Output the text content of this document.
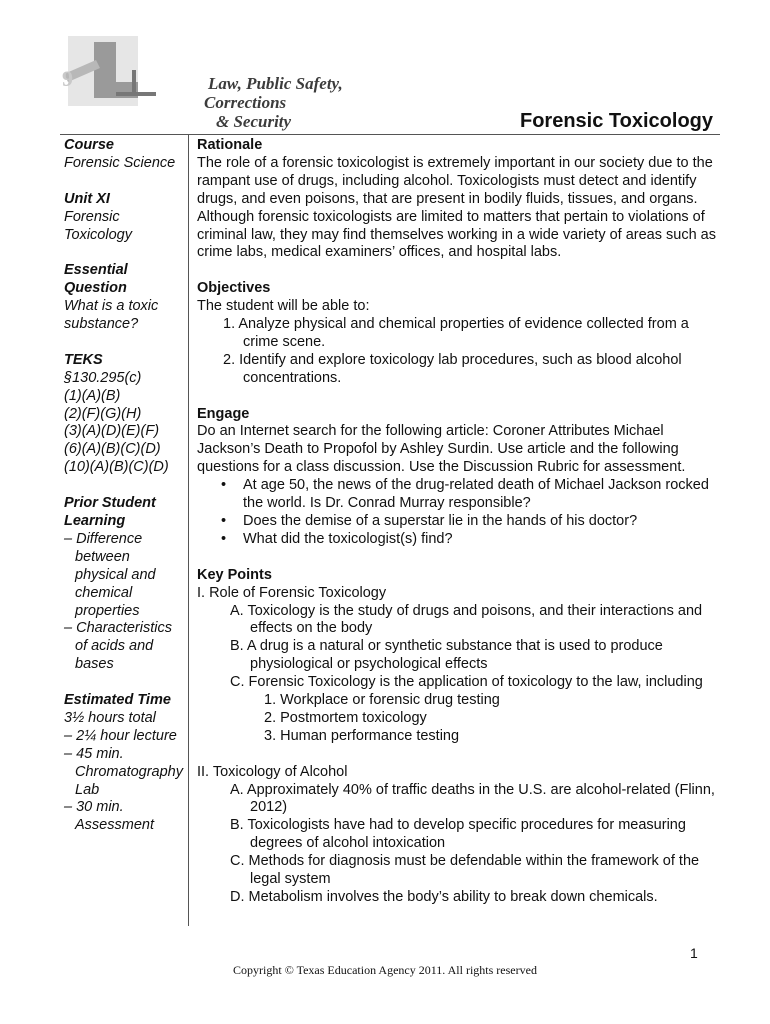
9	Law, Public Safety,
Corrections
& Security	Forensic Toxicology
Course
Forensic Science
Unit XI
Forensic
Toxicology
Essential
Question
What is a toxic
substance?
TEKS
§130.295(c)
(1)(A)(B)
(2)(F)(G)(H)
(3)(A)(D)(E)(F)
(6)(A)(B)(C)(D)
(10)(A)(B)(C)(D)
Prior Student
Learning
– Difference between physical and chemical properties
– Characteristics of acids and bases
Estimated Time
3½ hours total
– 2¼ hour lecture
– 45 min. Chromatography Lab
– 30 min. Assessment
Rationale
The role of a forensic toxicologist is extremely important in our society due to the rampant use of drugs, including alcohol. Toxicologists must detect and identify drugs, and even poisons, that are present in bodily fluids, tissues, and organs. Although forensic toxicologists are limited to matters that pertain to violations of criminal law, they may find themselves working in a wide variety of areas such as crime labs, medical examiners’ offices, and hospital labs.
Objectives
The student will be able to:
1. Analyze physical and chemical properties of evidence collected from a crime scene.
2. Identify and explore toxicology lab procedures, such as blood alcohol concentrations.
Engage
Do an Internet search for the following article: Coroner Attributes Michael Jackson’s Death to Propofol by Ashley Surdin. Use article and the following questions for a class discussion. Use the Discussion Rubric for assessment.
• At age 50, the news of the drug-related death of Michael Jackson rocked the world. Is Dr. Conrad Murray responsible?
• Does the demise of a superstar lie in the hands of his doctor?
• What did the toxicologist(s) find?
Key Points
I. Role of Forensic Toxicology
A. Toxicology is the study of drugs and poisons, and their interactions and effects on the body
B. A drug is a natural or synthetic substance that is used to produce physiological or psychological effects
C. Forensic Toxicology is the application of toxicology to the law, including
1. Workplace or forensic drug testing
2. Postmortem toxicology
3. Human performance testing
II. Toxicology of Alcohol
A. Approximately 40% of traffic deaths in the U.S. are alcohol-related (Flinn, 2012)
B. Toxicologists have had to develop specific procedures for measuring degrees of alcohol intoxication
C. Methods for diagnosis must be defendable within the framework of the legal system
D. Metabolism involves the body’s ability to break down chemicals.
1
Copyright © Texas Education Agency 2011. All rights reserved
